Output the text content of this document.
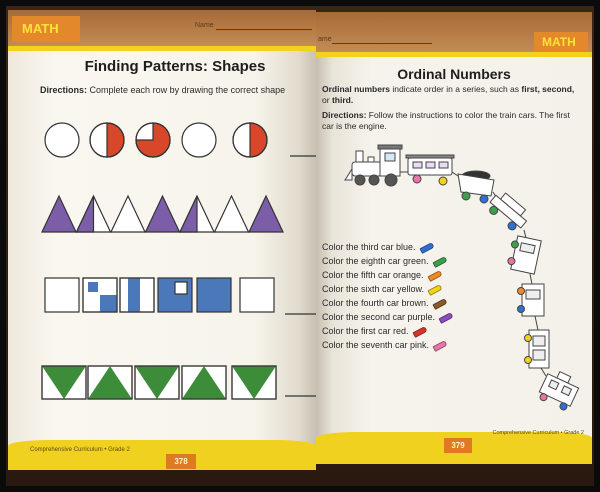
MATH	Name
Finding Patterns: Shapes
Directions: Complete each row by drawing the correct shape
Comprehensive Curriculum • Grade 2
378
MATH
ame
Ordinal Numbers
Ordinal numbers indicate order in a series, such as first, second, or third.
Directions: Follow the instructions to color the train cars. The first car is the engine.
Color the third car blue.
Color the eighth car green.
Color the fifth car orange.
Color the sixth car yellow.
Color the fourth car brown.
Color the second car purple.
Color the first car red.
Color the seventh car pink.
Comprehensive Curriculum • Grade 2
379
